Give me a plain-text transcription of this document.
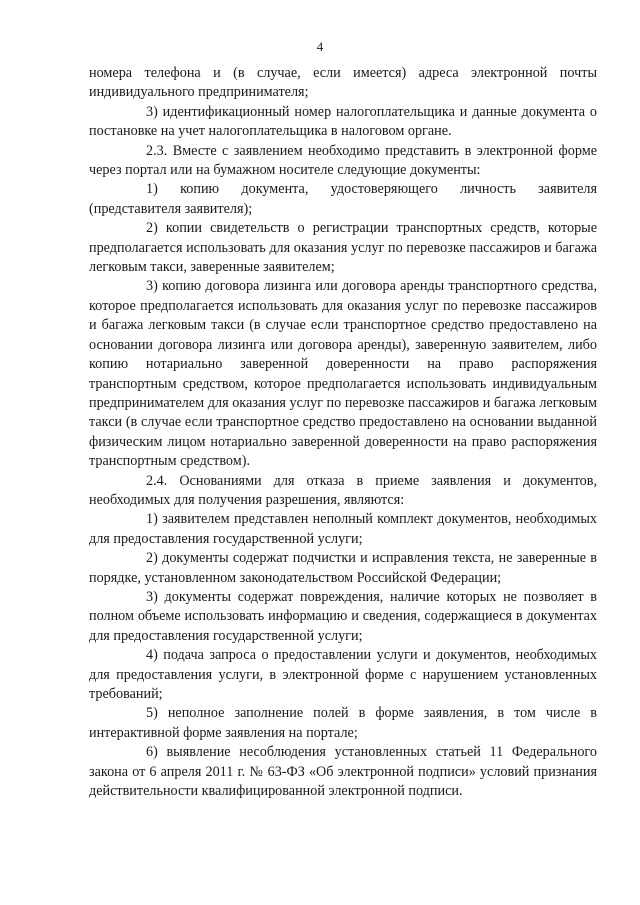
4

номера телефона и (в случае, если имеется) адреса электронной почты индивидуального предпринимателя;

3) идентификационный номер налогоплательщика и данные документа о постановке на учет налогоплательщика в налоговом органе.

2.3. Вместе с заявлением необходимо представить в электронной форме через портал или на бумажном носителе следующие документы:

1) копию документа, удостоверяющего личность заявителя (представителя заявителя);

2) копии свидетельств о регистрации транспортных средств, которые предполагается использовать для оказания услуг по перевозке пассажиров и багажа легковым такси, заверенные заявителем;

3) копию договора лизинга или договора аренды транспортного средства, которое предполагается использовать для оказания услуг по перевозке пассажиров и багажа легковым такси (в случае если транспортное средство предоставлено на основании договора лизинга или договора аренды), заверенную заявителем, либо копию нотариально заверенной доверенности на право распоряжения транспортным средством, которое предполагается использовать индивидуальным предпринимателем для оказания услуг по перевозке пассажиров и багажа легковым такси (в случае если транспортное средство предоставлено на основании выданной физическим лицом нотариально заверенной доверенности на право распоряжения транспортным средством).

2.4. Основаниями для отказа в приеме заявления и документов, необходимых для получения разрешения, являются:

1) заявителем представлен неполный комплект документов, необходимых для предоставления государственной услуги;

2) документы содержат подчистки и исправления текста, не заверенные в порядке, установленном законодательством Российской Федерации;

3) документы содержат повреждения, наличие которых не позволяет в полном объеме использовать информацию и сведения, содержащиеся в документах для предоставления государственной услуги;

4) подача запроса о предоставлении услуги и документов, необходимых для предоставления услуги, в электронной форме с нарушением установленных требований;

5) неполное заполнение полей в форме заявления, в том числе в интерактивной форме заявления на портале;

6) выявление несоблюдения установленных статьей 11 Федерального закона от 6 апреля 2011 г. № 63-ФЗ «Об электронной подписи» условий признания действительности квалифицированной электронной подписи.
